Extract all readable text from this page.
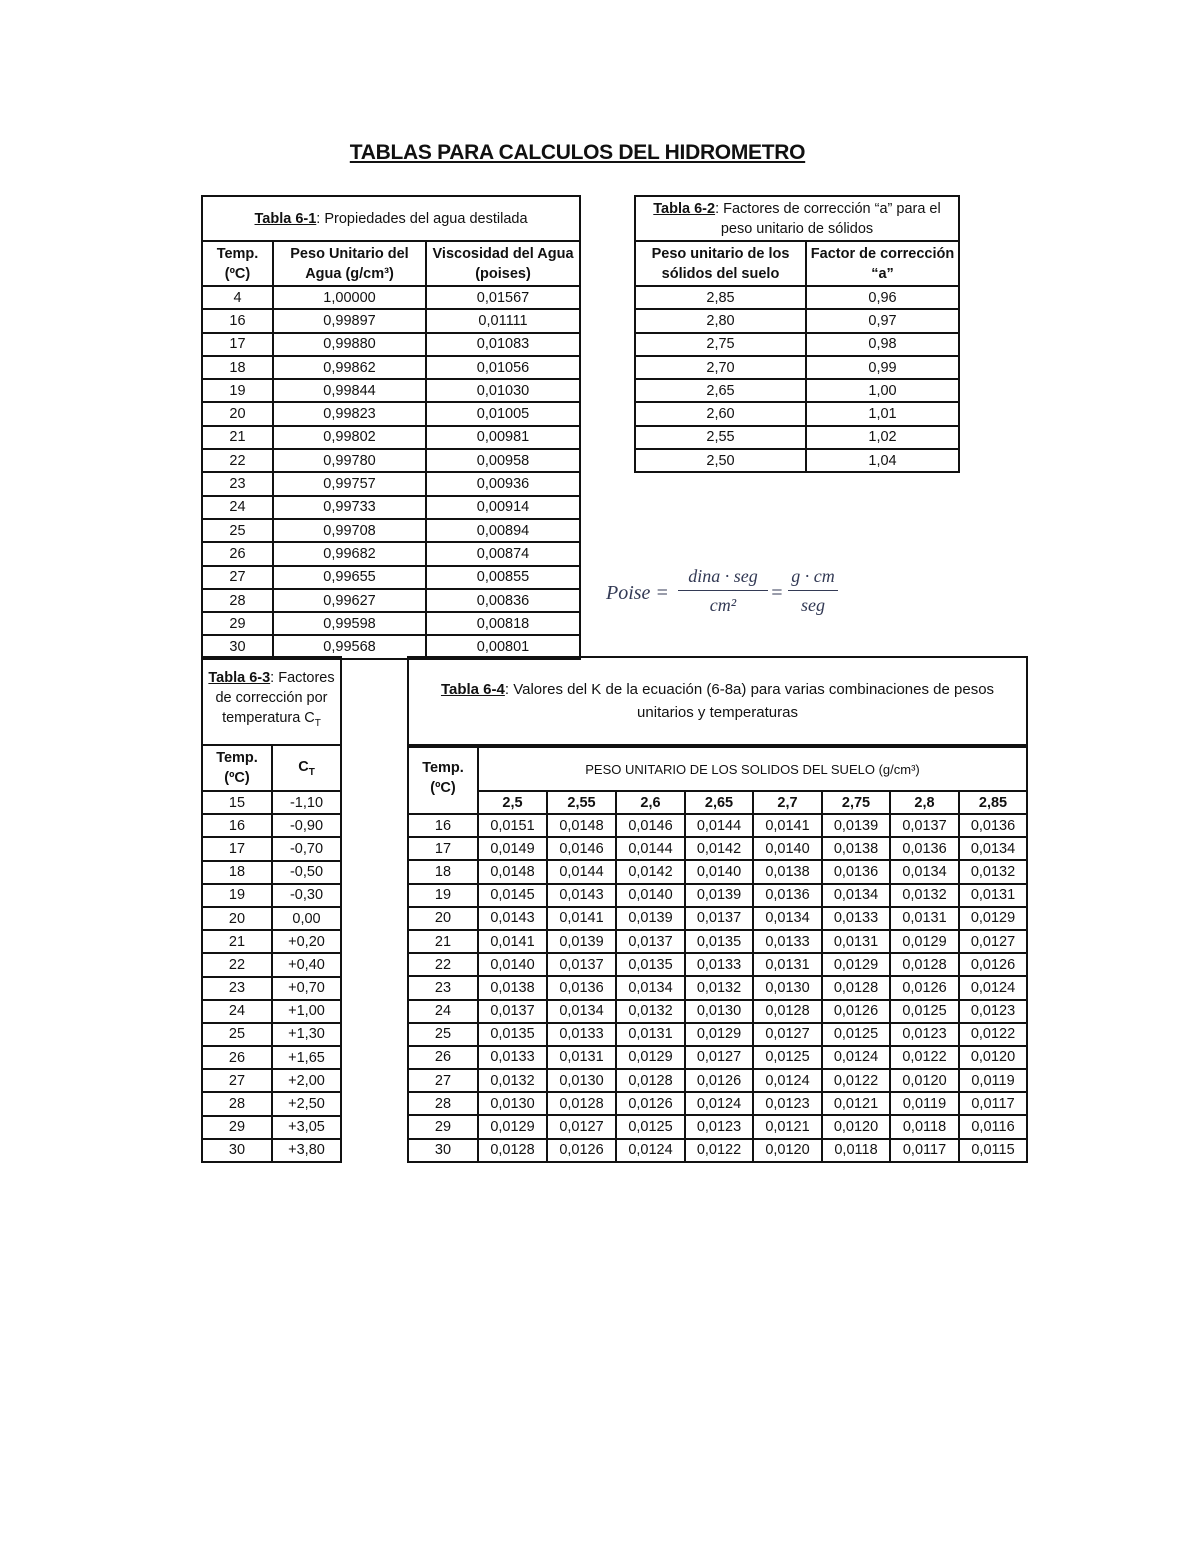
TABLAS PARA CALCULOS DEL HIDROMETRO
Tabla 6-1: Propiedades del agua destilada		
Temp. (ºC)	Peso Unitario del Agua (g/cm³)	Viscosidad del Agua (poises)
4	1,00000	0,01567
16	0,99897	0,01111
17	0,99880	0,01083
18	0,99862	0,01056
19	0,99844	0,01030
20	0,99823	0,01005
21	0,99802	0,00981
22	0,99780	0,00958
23	0,99757	0,00936
24	0,99733	0,00914
25	0,99708	0,00894
26	0,99682	0,00874
27	0,99655	0,00855
28	0,99627	0,00836
29	0,99598	0,00818
30	0,99568	0,00801
Tabla 6-2: Factores de corrección “a” para el peso unitario de sólidos	
Peso unitario de los sólidos del suelo	Factor de corrección “a”
2,85	0,96
2,80	0,97
2,75	0,98
2,70	0,99
2,65	1,00
2,60	1,01
2,55	1,02
2,50	1,04
Poise =
dina · seg
cm²
=
g · cm
seg
Tabla 6-3: Factores de corrección por temperatura $C_T$
Temp. (ºC)	$C_T$
15	-1,10
16	-0,90
17	-0,70
18	-0,50
19	-0,30
20	0,00
21	+0,20
22	+0,40
23	+0,70
24	+1,00
25	+1,30
26	+1,65
27	+2,00
28	+2,50
29	+3,05
30	+3,80
Tabla 6-4: Valores del K de la ecuación (6-8a) para varias combinaciones de pesos unitarios y temperaturas								

Temp. (ºC)	PESO UNITARIO DE LOS SOLIDOS DEL SUELO (g/cm³)							
	2,5	2,55	2,6	2,65	2,7	2,75	2,8	2,85
16	0,0151	0,0148	0,0146	0,0144	0,0141	0,0139	0,0137	0,0136
17	0,0149	0,0146	0,0144	0,0142	0,0140	0,0138	0,0136	0,0134
18	0,0148	0,0144	0,0142	0,0140	0,0138	0,0136	0,0134	0,0132
19	0,0145	0,0143	0,0140	0,0139	0,0136	0,0134	0,0132	0,0131
20	0,0143	0,0141	0,0139	0,0137	0,0134	0,0133	0,0131	0,0129
21	0,0141	0,0139	0,0137	0,0135	0,0133	0,0131	0,0129	0,0127
22	0,0140	0,0137	0,0135	0,0133	0,0131	0,0129	0,0128	0,0126
23	0,0138	0,0136	0,0134	0,0132	0,0130	0,0128	0,0126	0,0124
24	0,0137	0,0134	0,0132	0,0130	0,0128	0,0126	0,0125	0,0123
25	0,0135	0,0133	0,0131	0,0129	0,0127	0,0125	0,0123	0,0122
26	0,0133	0,0131	0,0129	0,0127	0,0125	0,0124	0,0122	0,0120
27	0,0132	0,0130	0,0128	0,0126	0,0124	0,0122	0,0120	0,0119
28	0,0130	0,0128	0,0126	0,0124	0,0123	0,0121	0,0119	0,0117
29	0,0129	0,0127	0,0125	0,0123	0,0121	0,0120	0,0118	0,0116
30	0,0128	0,0126	0,0124	0,0122	0,0120	0,0118	0,0117	0,0115
